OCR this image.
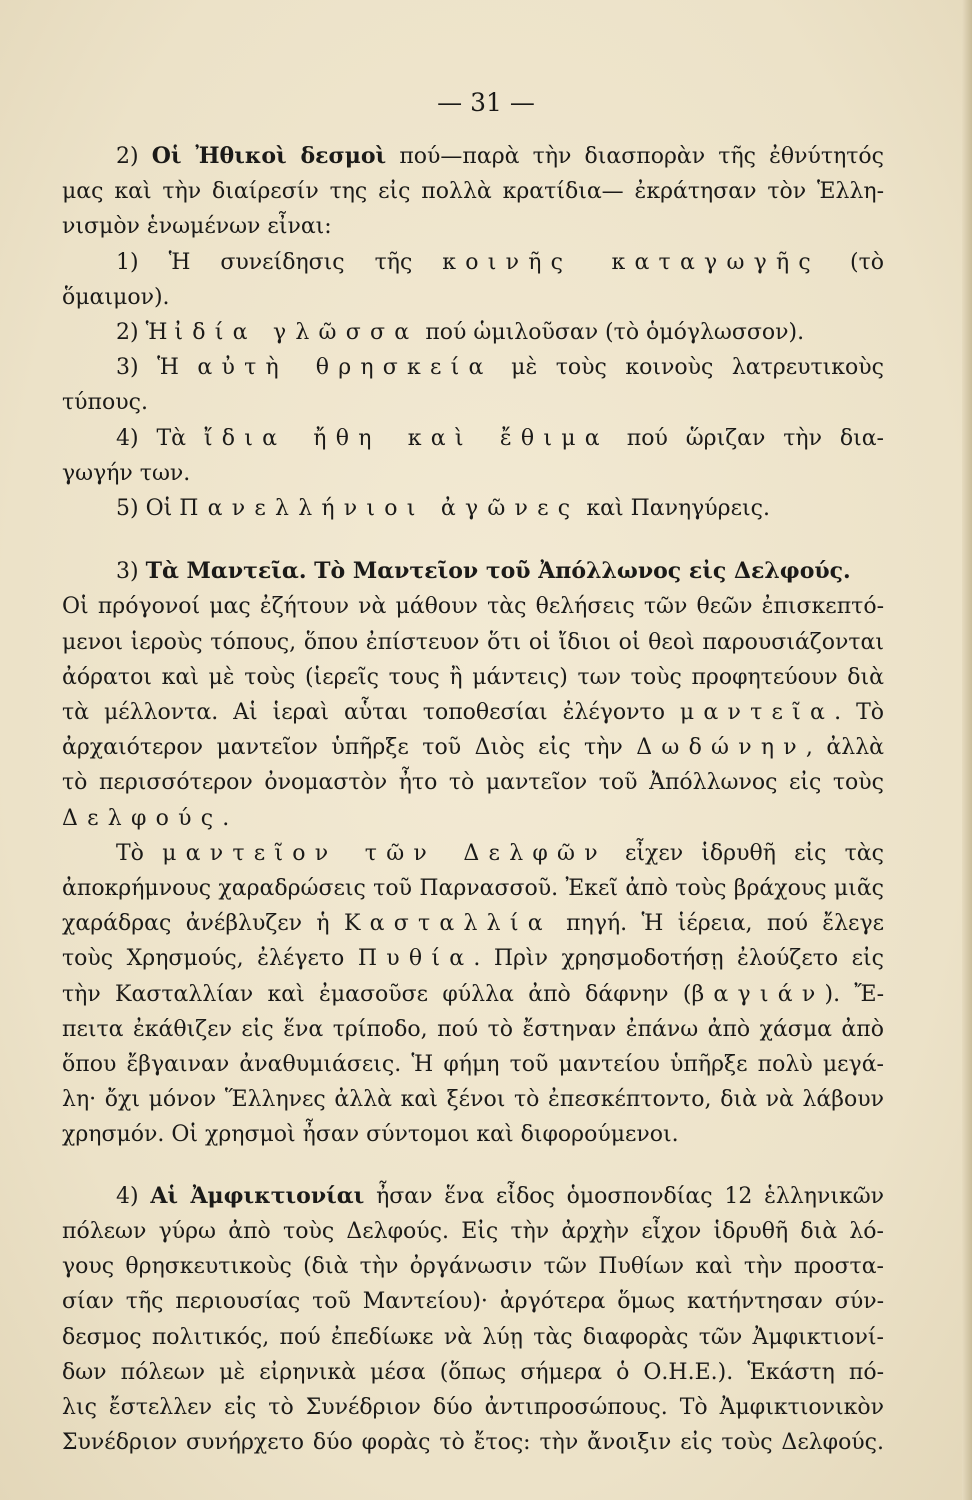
— 31 —
2) Οἱ Ἠθικοὶ δεσμοὶ πού—παρὰ τὴν διασπορὰν τῆς ἐθνύτητός
μας καὶ τὴν διαίρεσίν της εἰς πολλὰ κρατίδια— ἐκράτησαν τὸν Ἑλλη-
νισμὸν ἑνωμένων εἶναι:
1) Ἡ συνείδησις τῆς κοινῆς καταγωγῆς (τὸ
ὅμαιμον).
2) Ἡ ἰδία γλῶσσα πού ὡμιλοῦσαν (τὸ ὁμόγλωσσον).
3) Ἡ αὐτὴ θρησκεία μὲ τοὺς κοινοὺς λατρευτικοὺς
τύπους.
4) Τὰ ἴδια ἤθη καὶ ἔθιμα πού ὥριζαν τὴν δια-
γωγήν των.
5) Οἱ Πανελλήνιοι ἀγῶνες καὶ Πανηγύρεις.
3) Τὰ Μαντεῖα. Τὸ Μαντεῖον τοῦ Ἀπόλλωνος εἰς Δελφούς.
Οἱ πρόγονοί μας ἐζήτουν νὰ μάθουν τὰς θελήσεις τῶν θεῶν ἐπισκεπτό-
μενοι ἱεροὺς τόπους, ὅπου ἐπίστευον ὅτι οἱ ἴδιοι οἱ θεοὶ παρουσιάζονται
ἀόρατοι καὶ μὲ τοὺς (ἱερεῖς τους ἢ μάντεις) των τοὺς προφητεύουν διὰ
τὰ μέλλοντα. Αἱ ἱεραὶ αὗται τοποθεσίαι ἐλέγοντο μαντεῖα. Τὸ
ἀρχαιότερον μαντεῖον ὑπῆρξε τοῦ Διὸς εἰς τὴν Δωδώνην, ἀλλὰ
τὸ περισσότερον ὀνομαστὸν ἦτο τὸ μαντεῖον τοῦ Ἀπόλλωνος εἰς τοὺς
Δελφούς.
Τὸ μαντεῖον τῶν Δελφῶν εἶχεν ἱδρυθῆ εἰς τὰς
ἀποκρήμνους χαραδρώσεις τοῦ Παρνασσοῦ. Ἐκεῖ ἀπὸ τοὺς βράχους μιᾶς
χαράδρας ἀνέβλυζεν ἡ Κασταλλία πηγή. Ἡ ἱέρεια, πού ἔλεγε
τοὺς Χρησμούς, ἐλέγετο Πυθία. Πρὶν χρησμοδοτήσῃ ἐλούζετο εἰς
τὴν Κασταλλίαν καὶ ἐμασοῦσε φύλλα ἀπὸ δάφνην (βαγιάν). Ἔ-
πειτα ἐκάθιζεν εἰς ἕνα τρίποδο, πού τὸ ἔστηναν ἐπάνω ἀπὸ χάσμα ἀπὸ
ὅπου ἔβγαιναν ἀναθυμιάσεις. Ἡ φήμη τοῦ μαντείου ὑπῆρξε πολὺ μεγά-
λη· ὄχι μόνον Ἕλληνες ἀλλὰ καὶ ξένοι τὸ ἐπεσκέπτοντο, διὰ νὰ λάβουν
χρησμόν. Οἱ χρησμοὶ ἦσαν σύντομοι καὶ διφορούμενοι.
4) Αἱ Ἀμφικτιονίαι ἦσαν ἕνα εἶδος ὁμοσπονδίας 12 ἑλληνικῶν
πόλεων γύρω ἀπὸ τοὺς Δελφούς. Εἰς τὴν ἀρχὴν εἶχον ἱδρυθῆ διὰ λό-
γους θρησκευτικοὺς (διὰ τὴν ὀργάνωσιν τῶν Πυθίων καὶ τὴν προστα-
σίαν τῆς περιουσίας τοῦ Μαντείου)· ἀργότερα ὅμως κατήντησαν σύν-
δεσμος πολιτικός, πού ἐπεδίωκε νὰ λύῃ τὰς διαφορὰς τῶν Ἀμφικτιονί-
δων πόλεων μὲ εἰρηνικὰ μέσα (ὅπως σήμερα ὁ Ο.Η.Ε.). Ἑκάστη πό-
λις ἔστελλεν εἰς τὸ Συνέδριον δύο ἀντιπροσώπους. Τὸ Ἀμφικτιονικὸν
Συνέδριον συνήρχετο δύο φορὰς τὸ ἔτος: τὴν ἄνοιξιν εἰς τοὺς Δελφούς.
